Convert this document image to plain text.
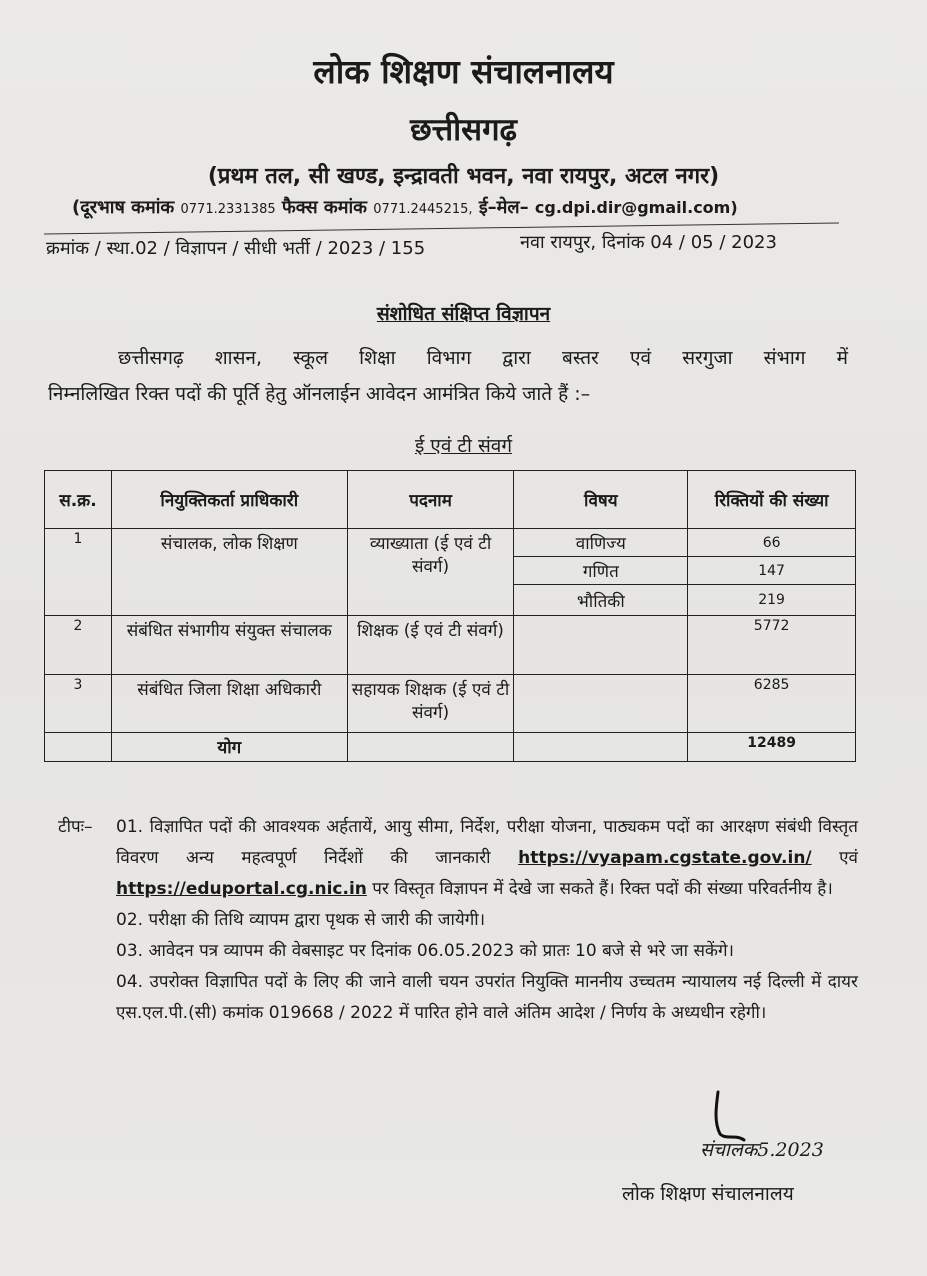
लोक शिक्षण संचालनालय
छत्तीसगढ़
(प्रथम तल, सी खण्ड, इन्द्रावती भवन, नवा रायपुर, अटल नगर)
(दूरभाष कमांक 0771.2331385 फैक्स कमांक 0771.2445215, ई–मेल– cg.dpi.dir@gmail.com)
क्रमांक / स्था.02 / विज्ञापन / सीधी भर्ती / 2023 / 155	नवा रायपुर, दिनांक 04 / 05 / 2023
संशोधित संक्षिप्त विज्ञापन
छत्तीसगढ़ शासन, स्कूल शिक्षा विभाग द्वारा बस्तर एवं सरगुजा संभाग में
निम्नलिखित रिक्त पदों की पूर्ति हेतु ऑनलाईन आवेदन आमंत्रित किये जाते हैं :–
ई एवं टी संवर्ग
स.क्र.	नियुक्तिकर्ता प्राधिकारी	पदनाम	विषय	रिक्तियों की संख्या
1	संचालक, लोक शिक्षण	व्याख्याता (ई एवं टी संवर्ग)	वाणिज्य	66
			गणित	147
			भौतिकी	219
2	संबंधित संभागीय संयुक्त संचालक	शिक्षक (ई एवं टी संवर्ग)		5772
3	संबंधित जिला शिक्षा अधिकारी	सहायक शिक्षक (ई एवं टी संवर्ग)		6285
	योग			12489
टीपः–	01. विज्ञापित पदों की आवश्यक अर्हतायें, आयु सीमा, निर्देश, परीक्षा योजना, पाठ्यकम पदों का आरक्षण संबंधी विस्तृत विवरण अन्य महत्वपूर्ण निर्देशों की जानकारी https://vyapam.cgstate.gov.in/ एवं https://eduportal.cg.nic.in पर विस्तृत विज्ञापन में देखे जा सकते हैं। रिक्त पदों की संख्या परिवर्तनीय है।
02. परीक्षा की तिथि व्यापम द्वारा पृथक से जारी की जायेगी।
03. आवेदन पत्र व्यापम की वेबसाइट पर दिनांक 06.05.2023 को प्रातः 10 बजे से भरे जा सकेंगे।
04. उपरोक्त विज्ञापित पदों के लिए की जाने वाली चयन उपरांत नियुक्ति माननीय उच्चतम न्यायालय नई दिल्ली में दायर एस.एल.पी.(सी) कमांक 019668 / 2022 में पारित होने वाले अंतिम आदेश / निर्णय के अध्यधीन रहेगी।
संचालक5.2023
लोक शिक्षण संचालनालय
